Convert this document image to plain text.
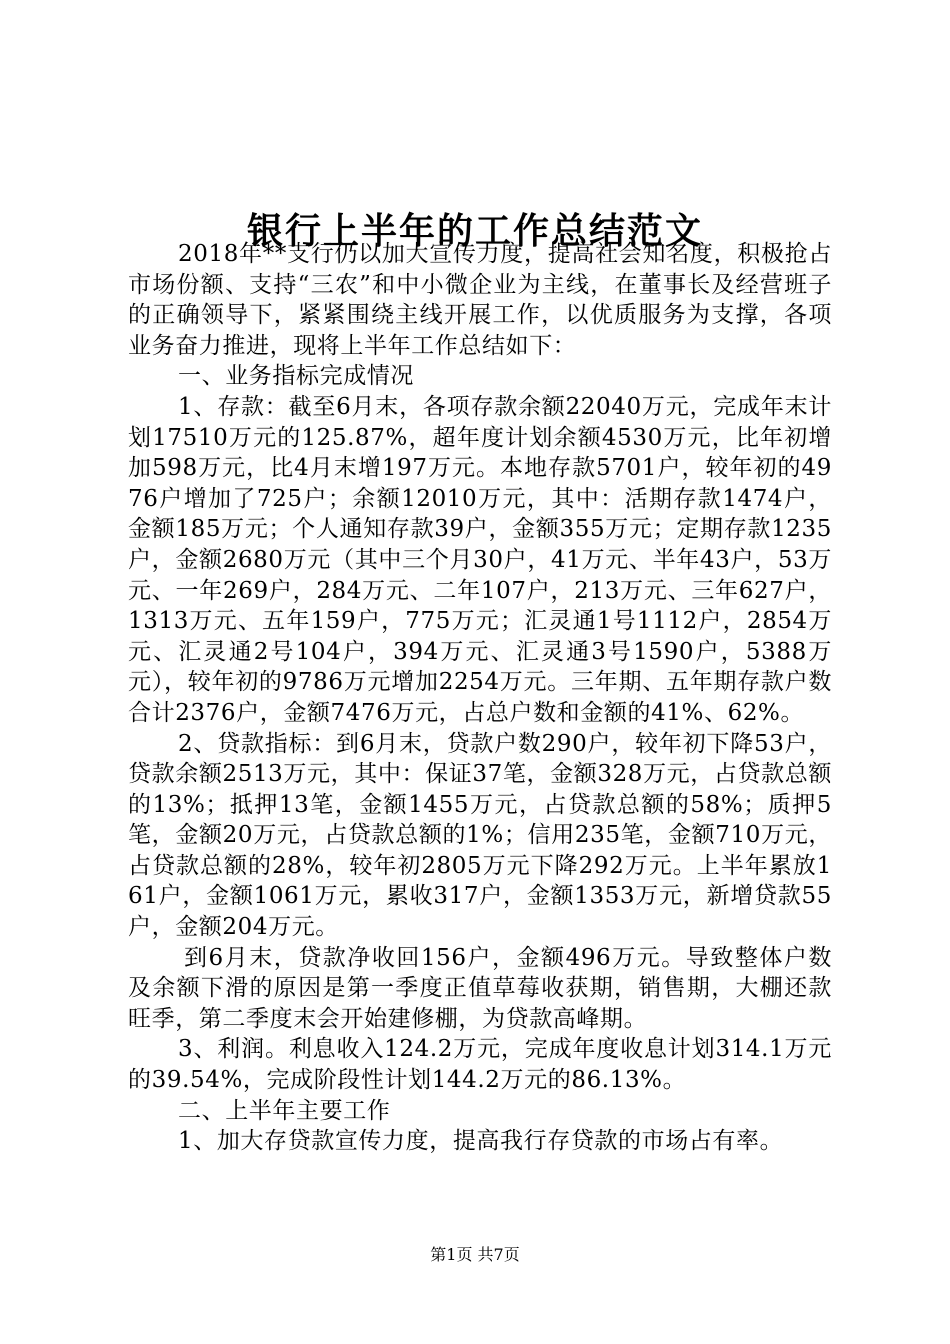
银行上半年的工作总结范文

2018年**支行仍以加大宣传力度，提高社会知名度，积极抢占市场份额、支持“三农”和中小微企业为主线，在董事长及经营班子的正确领导下，紧紧围绕主线开展工作，以优质服务为支撑，各项业务奋力推进，现将上半年工作总结如下：

一、业务指标完成情况

1、存款：截至6月末，各项存款余额22040万元，完成年末计划17510万元的125.87%，超年度计划余额4530万元，比年初增加598万元，比4月末增197万元。本地存款5701户，较年初的4976户增加了725户；余额12010万元，其中：活期存款1474户，金额185万元；个人通知存款39户，金额355万元；定期存款1235户，金额2680万元（其中三个月30户，41万元、半年43户，53万元、一年269户，284万元、二年107户，213万元、三年627户，1313万元、五年159户，775万元；汇灵通1号1112户，2854万元、汇灵通2号104户，394万元、汇灵通3号1590户，5388万元），较年初的9786万元增加2254万元。三年期、五年期存款户数合计2376户，金额7476万元，占总户数和金额的41%、62%。

2、贷款指标：到6月末，贷款户数290户，较年初下降53户，贷款余额2513万元，其中：保证37笔，金额328万元，占贷款总额的13%；抵押13笔，金额1455万元，占贷款总额的58%；质押5笔，金额20万元，占贷款总额的1%；信用235笔，金额710万元，占贷款总额的28%，较年初2805万元下降292万元。上半年累放161户，金额1061万元，累收317户，金额1353万元，新增贷款55户，金额204万元。

到6月末，贷款净收回156户，金额496万元。导致整体户数及余额下滑的原因是第一季度正值草莓收获期，销售期，大棚还款旺季，第二季度末会开始建修棚，为贷款高峰期。

3、利润。利息收入124.2万元，完成年度收息计划314.1万元的39.54%，完成阶段性计划144.2万元的86.13%。

二、上半年主要工作

1、加大存贷款宣传力度，提高我行存贷款的市场占有率。

第1页 共7页
